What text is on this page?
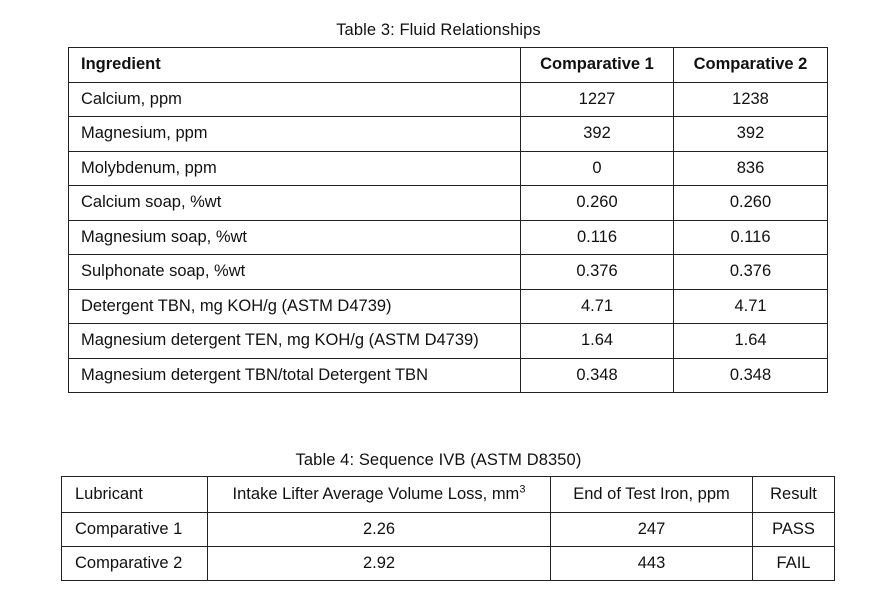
Table 3: Fluid Relationships
Ingredient	Comparative 1	Comparative 2
Calcium, ppm	1227	1238
Magnesium, ppm	392	392
Molybdenum, ppm	0	836
Calcium soap, %wt	0.260	0.260
Magnesium soap, %wt	0.116	0.116
Sulphonate soap, %wt	0.376	0.376
Detergent TBN, mg KOH/g (ASTM D4739)	4.71	4.71
Magnesium detergent TEN, mg KOH/g (ASTM D4739)	1.64	1.64
Magnesium detergent TBN/total Detergent TBN	0.348	0.348
Table 4: Sequence IVB (ASTM D8350)
Lubricant	Intake Lifter Average Volume Loss, $mm^3$	End of Test Iron, ppm	Result
Comparative 1	2.26	247	PASS
Comparative 2	2.92	443	FAIL
